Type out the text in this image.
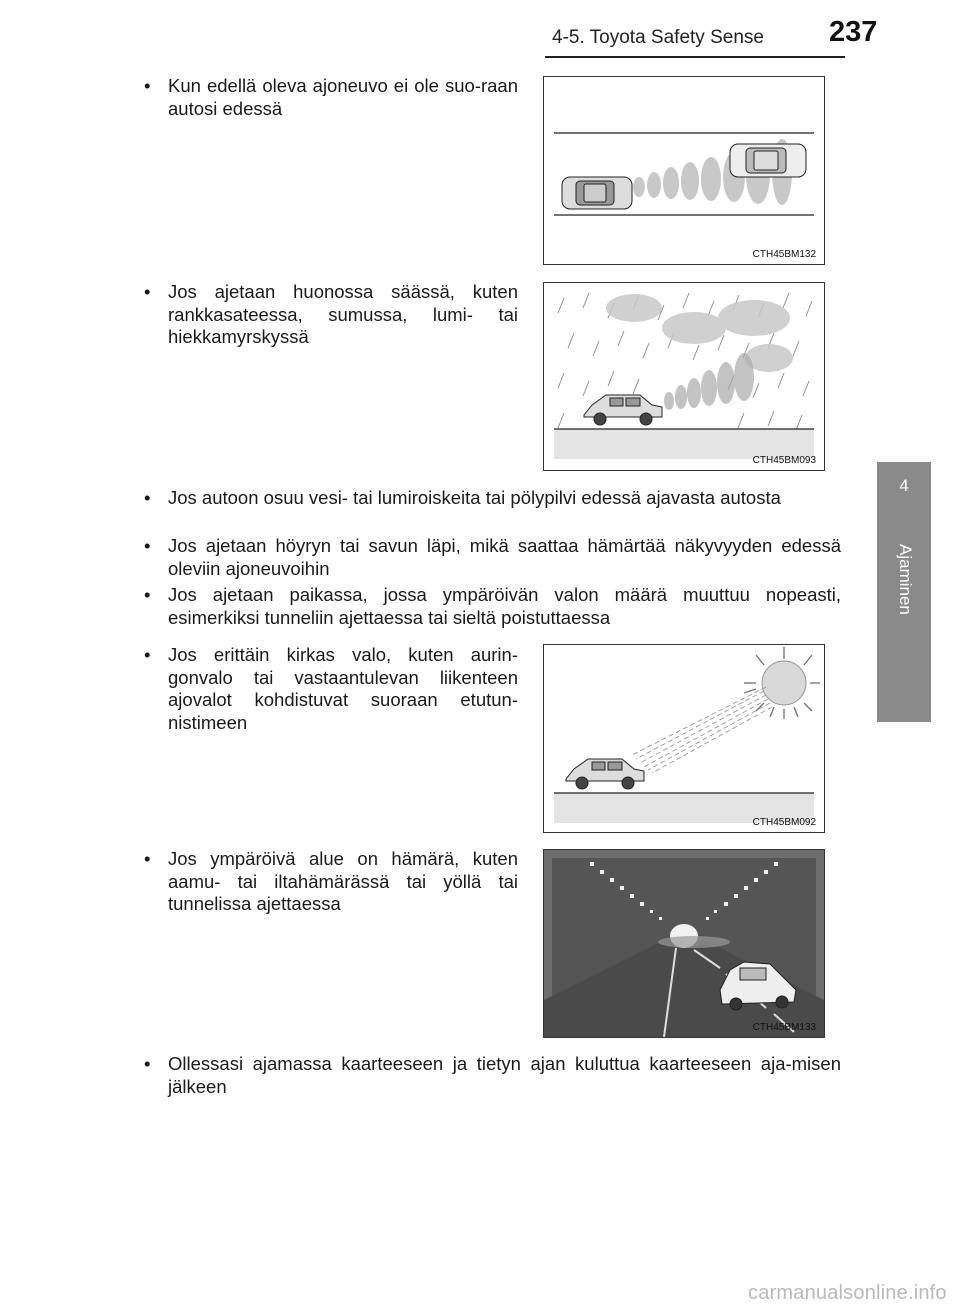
4-5. Toyota Safety Sense 237
4
Ajaminen
• Kun edellä oleva ajoneuvo ei ole suo-raan autosi edessä
CTH45BM132
• Jos ajetaan huonossa säässä, kuten rankkasateessa, sumussa, lumi- tai hiekkamyrskyssä
CTH45BM093
• Jos autoon osuu vesi- tai lumiroiskeita tai pölypilvi edessä ajavasta autosta
• Jos ajetaan höyryn tai savun läpi, mikä saattaa hämärtää näkyvyyden edessä oleviin ajoneuvoihin
• Jos ajetaan paikassa, jossa ympäröivän valon määrä muuttuu nopeasti, esimerkiksi tunneliin ajettaessa tai sieltä poistuttaessa
• Jos erittäin kirkas valo, kuten aurin-gonvalo tai vastaantulevan liikenteen ajovalot kohdistuvat suoraan etutun-nistimeen
CTH45BM092
• Jos ympäröivä alue on hämärä, kuten aamu- tai iltahämärässä tai yöllä tai tunnelissa ajettaessa
CTH45BM133
• Ollessasi ajamassa kaarteeseen ja tietyn ajan kuluttua kaarteeseen aja-misen jälkeen
carmanualsonline.info
